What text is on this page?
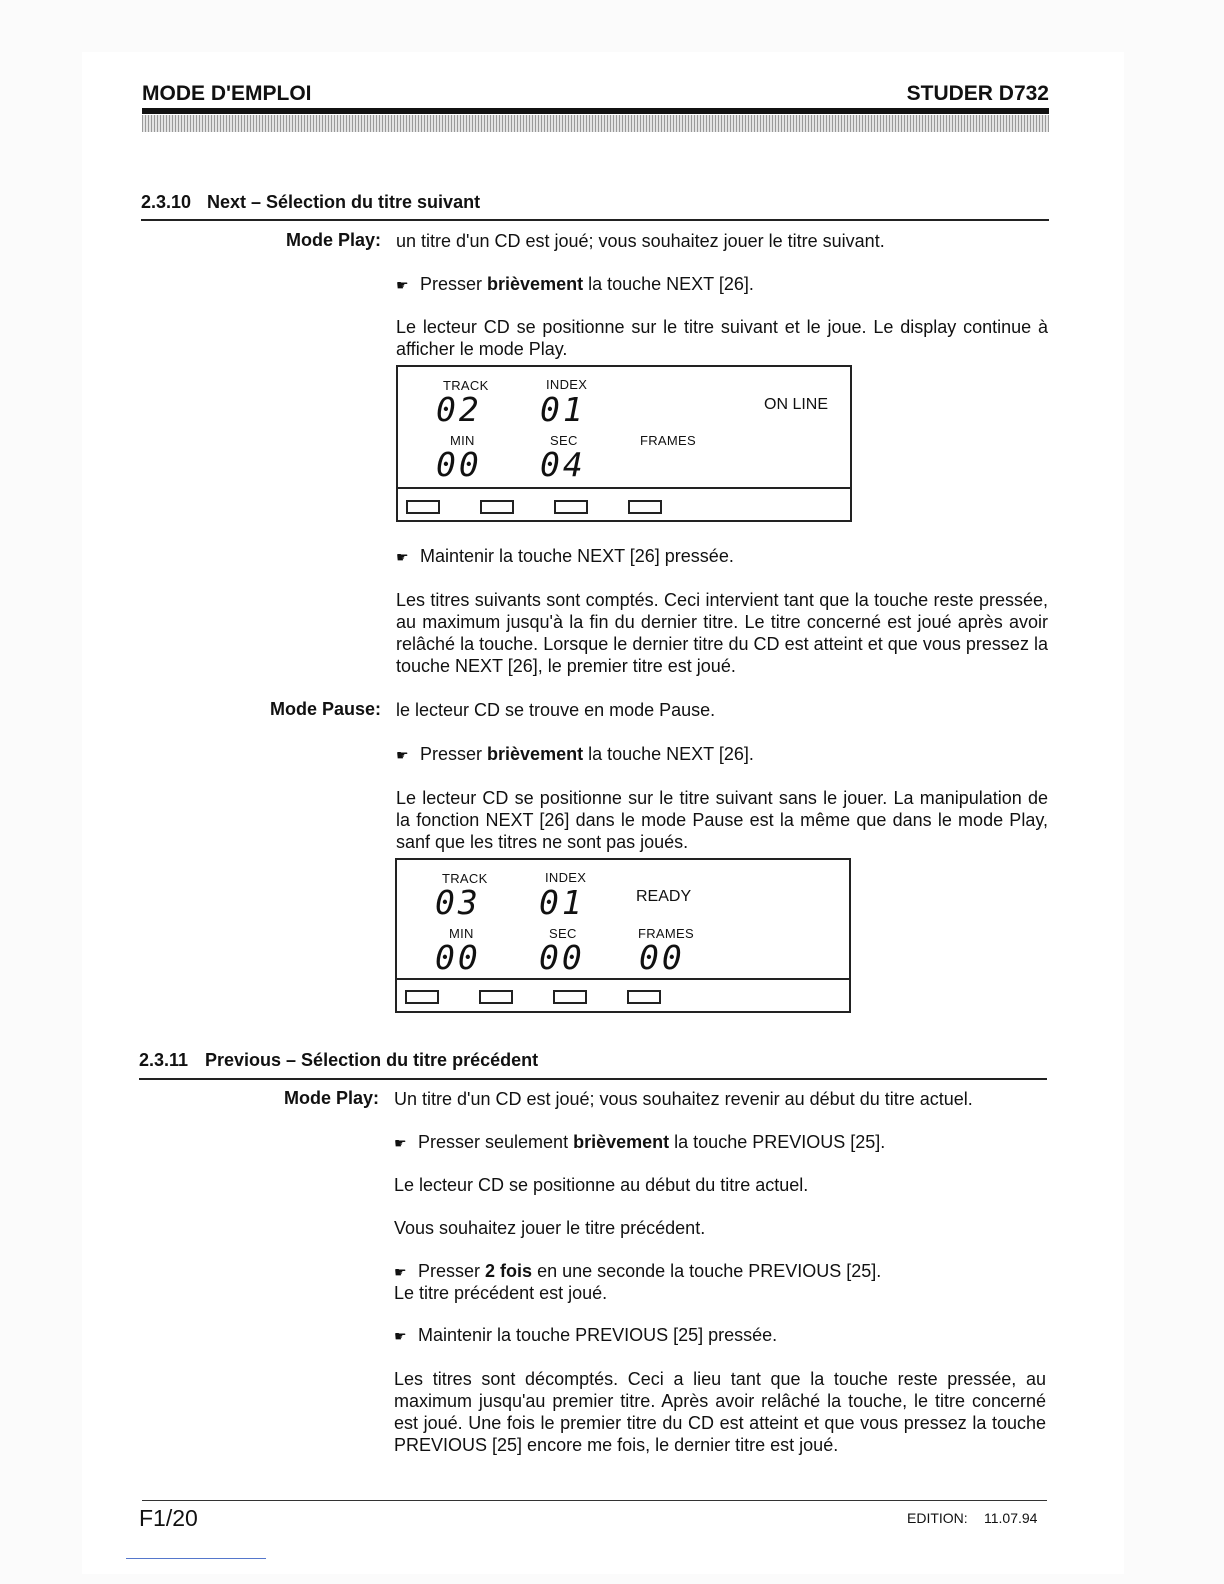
MODE D'EMPLOI	STUDER D732
2.3.10 Next – Sélection du titre suivant
Mode Play: un titre d'un CD est joué; vous souhaitez jouer le titre suivant.
☛ Presser brièvement la touche NEXT [26].
Le lecteur CD se positionne sur le titre suivant et le joue. Le display continue à afficher le mode Play.
TRACK	INDEX
02 01	ON LINE
MIN	SEC	FRAMES
00 04
☛ Maintenir la touche NEXT [26] pressée.
Les titres suivants sont comptés. Ceci intervient tant que la touche reste pressée, au maximum jusqu'à la fin du dernier titre. Le titre concerné est joué après avoir relâché la touche. Lorsque le dernier titre du CD est atteint et que vous pressez la touche NEXT [26], le premier titre est joué.
Mode Pause: le lecteur CD se trouve en mode Pause.
☛ Presser brièvement la touche NEXT [26].
Le lecteur CD se positionne sur le titre suivant sans le jouer. La manipulation de la fonction NEXT [26] dans le mode Pause est la même que dans le mode Play, sanf que les titres ne sont pas joués.
TRACK	INDEX
03 01	READY
MIN	SEC	FRAMES
00 00 00
2.3.11 Previous – Sélection du titre précédent
Mode Play: Un titre d'un CD est joué; vous souhaitez revenir au début du titre actuel.
☛ Presser seulement brièvement la touche PREVIOUS [25].
Le lecteur CD se positionne au début du titre actuel.
Vous souhaitez jouer le titre précédent.
☛ Presser 2 fois en une seconde la touche PREVIOUS [25].
Le titre précédent est joué.
☛ Maintenir la touche PREVIOUS [25] pressée.
Les titres sont décomptés. Ceci a lieu tant que la touche reste pressée, au maximum jusqu'au premier titre. Après avoir relâché la touche, le titre concerné est joué. Une fois le premier titre du CD est atteint et que vous pressez la touche PREVIOUS [25] encore me fois, le dernier titre est joué.
F1/20	EDITION: 11.07.94
